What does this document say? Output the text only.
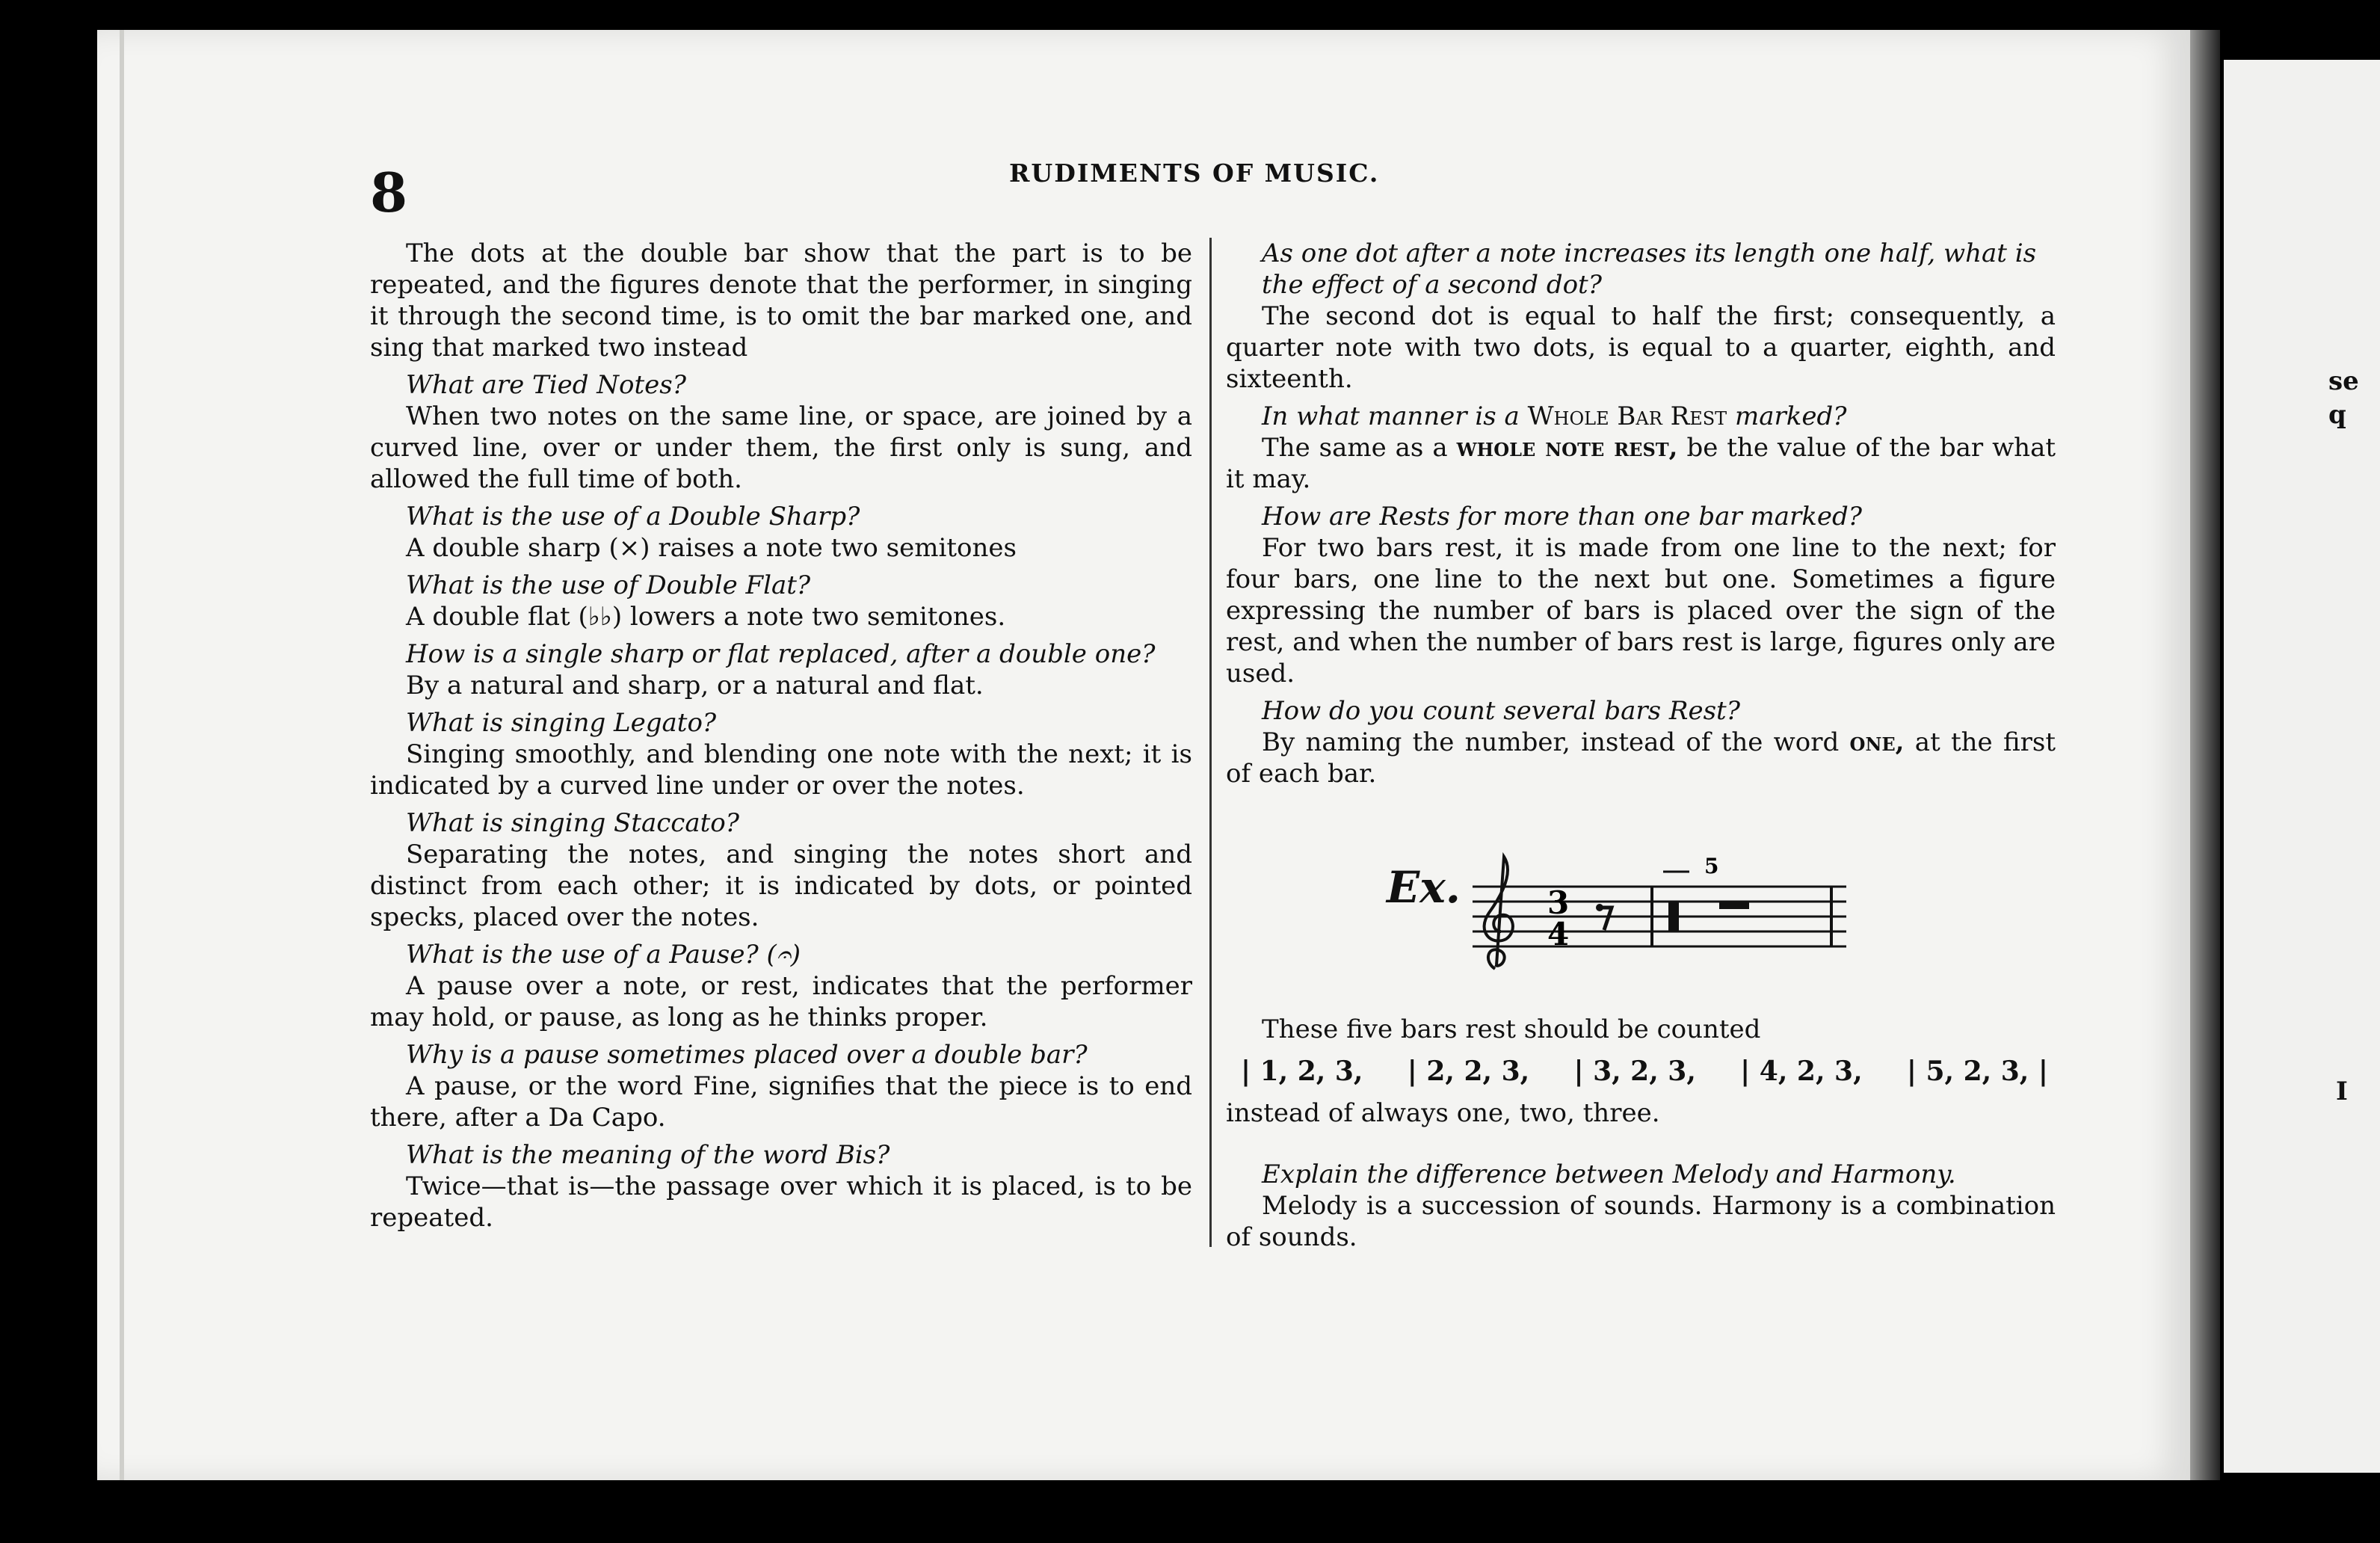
se
q
I
8	RUDIMENTS OF MUSIC.

The dots at the double bar show that the part is to be repeated, and the figures denote that the performer, in singing it through the second time, is to omit the bar marked one, and sing that marked two instead

What are Tied Notes?

When two notes on the same line, or space, are joined by a curved line, over or under them, the first only is sung, and allowed the full time of both.

What is the use of a Double Sharp?

A double sharp (×) raises a note two semitones

What is the use of Double Flat?

A double flat (♭♭) lowers a note two semitones.

How is a single sharp or flat replaced, after a double one?

By a natural and sharp, or a natural and flat.

What is singing Legato?

Singing smoothly, and blending one note with the next; it is indicated by a curved line under or over the notes.

What is singing Staccato?

Separating the notes, and singing the notes short and distinct from each other; it is indicated by dots, or pointed specks, placed over the notes.

What is the use of a Pause? (𝄐)

A pause over a note, or rest, indicates that the performer may hold, or pause, as long as he thinks proper.

Why is a pause sometimes placed over a double bar?

A pause, or the word Fine, signifies that the piece is to end there, after a Da Capo.

What is the meaning of the word Bis?

Twice—that is—the passage over which it is placed, is to be repeated.

As one dot after a note increases its length one half, what is the effect of a second dot?

The second dot is equal to half the first; consequently, a quarter note with two dots, is equal to a quarter, eighth, and sixteenth.

In what manner is a Whole Bar Rest marked?

The same as a whole note rest, be the value of the bar what it may.

How are Rests for more than one bar marked?

For two bars rest, it is made from one line to the next; for four bars, one line to the next but one. Sometimes a figure expressing the number of bars is placed over the sign of the rest, and when the number of bars rest is large, figures only are used.

How do you count several bars Rest?

By naming the number, instead of the word one, at the first of each bar.

Ex.	3
4
5

These five bars rest should be counted

| 1, 2, 3, | 2, 2, 3, | 3, 2, 3, | 4, 2, 3, | 5, 2, 3, |

instead of always one, two, three.

Explain the difference between Melody and Harmony.

Melody is a succession of sounds. Harmony is a combination of sounds.
